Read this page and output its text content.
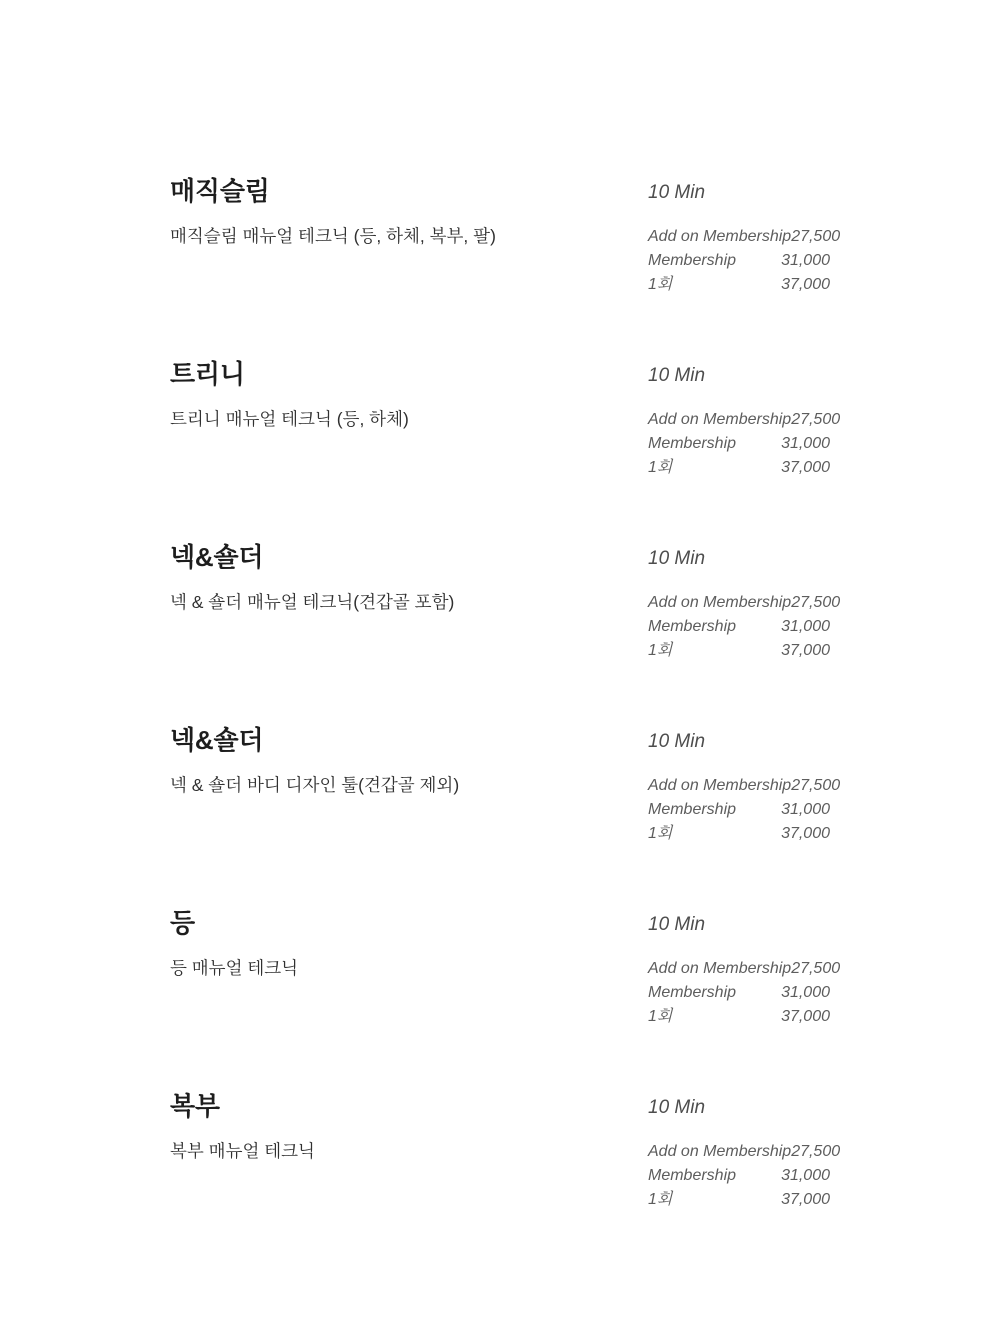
매직슬림

매직슬림 매뉴얼 테크닉 (등, 하체, 복부, 팔)

10 Min
Add on Membership 27,500
Membership	31,000
1회	37,000
트리니

트리니 매뉴얼 테크닉 (등, 하체)

10 Min
Add on Membership 27,500
Membership	31,000
1회	37,000
넥&숄더

넥 & 숄더 매뉴얼 테크닉(견갑골 포함)

10 Min
Add on Membership 27,500
Membership	31,000
1회	37,000
넥&숄더

넥 & 숄더 바디 디자인 툴(견갑골 제외)

10 Min
Add on Membership 27,500
Membership	31,000
1회	37,000
등

등 매뉴얼 테크닉

10 Min
Add on Membership 27,500
Membership	31,000
1회	37,000
복부

복부 매뉴얼 테크닉

10 Min
Add on Membership 27,500
Membership	31,000
1회	37,000
